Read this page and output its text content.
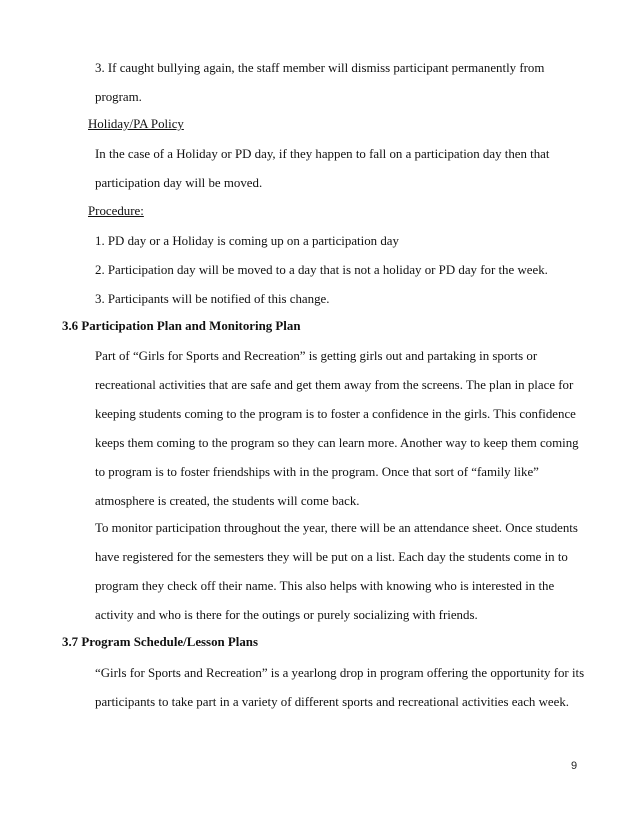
3. If caught bullying again, the staff member will dismiss participant permanently from
program.
Holiday/PA Policy
In the case of a Holiday or PD day, if they happen to fall on a participation day then that
participation day will be moved.
Procedure:
1. PD day or a Holiday is coming up on a participation day
2. Participation day will be moved to a day that is not a holiday or PD day for the week.
3. Participants will be notified of this change.
3.6 Participation Plan and Monitoring Plan
Part of “Girls for Sports and Recreation” is getting girls out and partaking in sports or
recreational activities that are safe and get them away from the screens. The plan in place for
keeping students coming to the program is to foster a confidence in the girls. This confidence
keeps them coming to the program so they can learn more. Another way to keep them coming
to program is to foster friendships with in the program. Once that sort of “family like”
atmosphere is created, the students will come back.
To monitor participation throughout the year, there will be an attendance sheet. Once students
have registered for the semesters they will be put on a list. Each day the students come in to
program they check off their name. This also helps with knowing who is interested in the
activity and who is there for the outings or purely socializing with friends.
3.7 Program Schedule/Lesson Plans
“Girls for Sports and Recreation” is a yearlong drop in program offering the opportunity for its
participants to take part in a variety of different sports and recreational activities each week.
9
